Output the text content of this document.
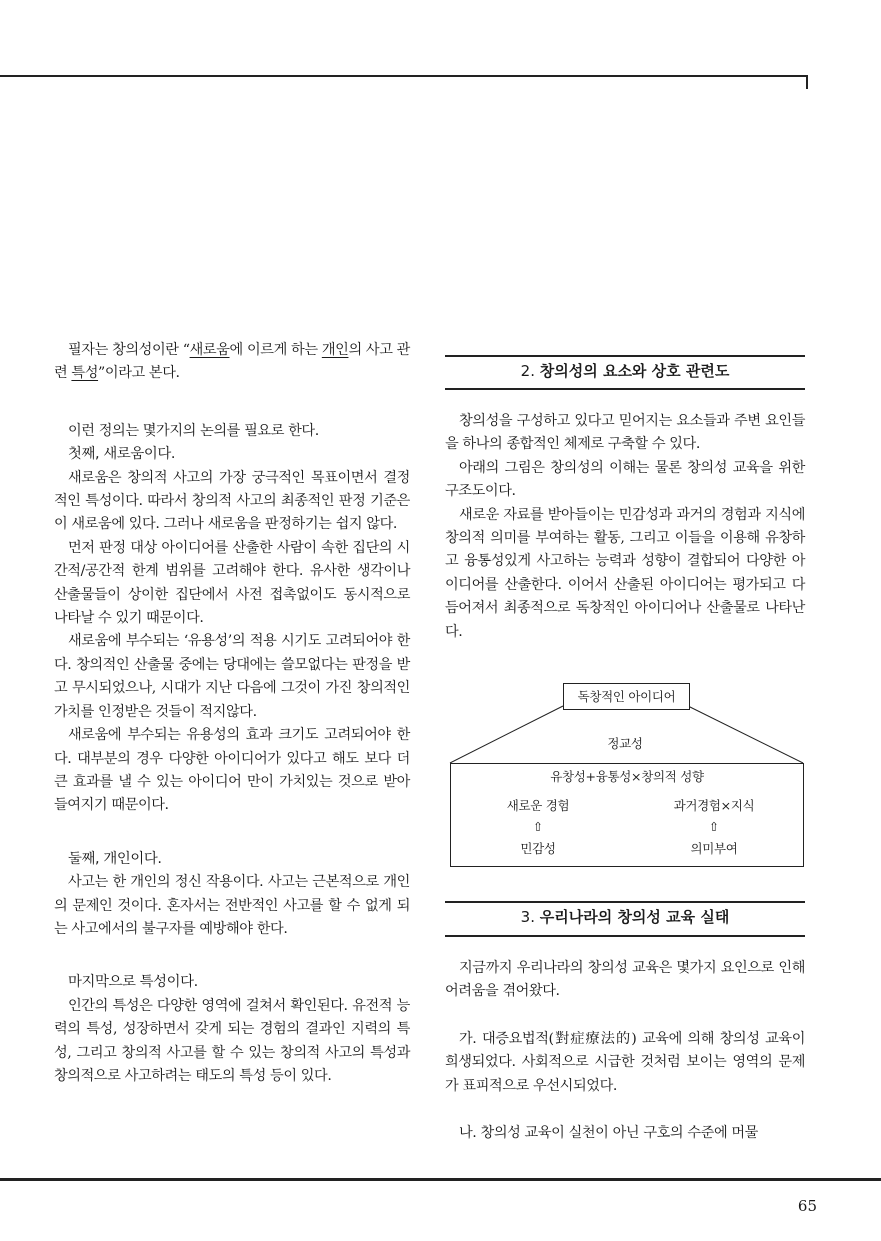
필자는 창의성이란 “새로움에 이르게 하는 개인의 사고 관련 특성”이라고 본다.

이런 정의는 몇가지의 논의를 필요로 한다.

첫째, 새로움이다.

새로움은 창의적 사고의 가장 궁극적인 목표이면서 결정적인 특성이다. 따라서 창의적 사고의 최종적인 판정 기준은 이 새로움에 있다. 그러나 새로움을 판정하기는 쉽지 않다.

먼저 판정 대상 아이디어를 산출한 사람이 속한 집단의 시간적/공간적 한계 범위를 고려해야 한다. 유사한 생각이나 산출물들이 상이한 집단에서 사전 접촉없이도 동시적으로 나타날 수 있기 때문이다.

새로움에 부수되는 ‘유용성’의 적용 시기도 고려되어야 한다. 창의적인 산출물 중에는 당대에는 쓸모없다는 판정을 받고 무시되었으나, 시대가 지난 다음에 그것이 가진 창의적인 가치를 인정받은 것들이 적지않다.

새로움에 부수되는 유용성의 효과 크기도 고려되어야 한다. 대부분의 경우 다양한 아이디어가 있다고 해도 보다 더 큰 효과를 낼 수 있는 아이디어 만이 가치있는 것으로 받아들여지기 때문이다.

둘째, 개인이다.

사고는 한 개인의 정신 작용이다. 사고는 근본적으로 개인의 문제인 것이다. 혼자서는 전반적인 사고를 할 수 없게 되는 사고에서의 불구자를 예방해야 한다.

마지막으로 특성이다.

인간의 특성은 다양한 영역에 걸쳐서 확인된다. 유전적 능력의 특성, 성장하면서 갖게 되는 경험의 결과인 지력의 특성, 그리고 창의적 사고를 할 수 있는 창의적 사고의 특성과 창의적으로 사고하려는 태도의 특성 등이 있다.

2. 창의성의 요소와 상호 관련도

창의성을 구성하고 있다고 믿어지는 요소들과 주변 요인들을 하나의 종합적인 체제로 구축할 수 있다.

아래의 그림은 창의성의 이해는 물론 창의성 교육을 위한 구조도이다.

새로운 자료를 받아들이는 민감성과 과거의 경험과 지식에 창의적 의미를 부여하는 활동, 그리고 이들을 이용해 유창하고 융통성있게 사고하는 능력과 성향이 결합되어 다양한 아이디어를 산출한다. 이어서 산출된 아이디어는 평가되고 다듬어져서 최종적으로 독창적인 아이디어나 산출물로 나타난다.

독창적인 아이디어
정교성
유창성+융통성×창의적 성향
새로운 경험
⇧
민감성
과거경험×지식
⇧
의미부여
3. 우리나라의 창의성 교육 실태

지금까지 우리나라의 창의성 교육은 몇가지 요인으로 인해 어려움을 겪어왔다.

가. 대증요법적(對症療法的) 교육에 의해 창의성 교육이 희생되었다. 사회적으로 시급한 것처럼 보이는 영역의 문제가 표피적으로 우선시되었다.

나. 창의성 교육이 실천이 아닌 구호의 수준에 머물

65
